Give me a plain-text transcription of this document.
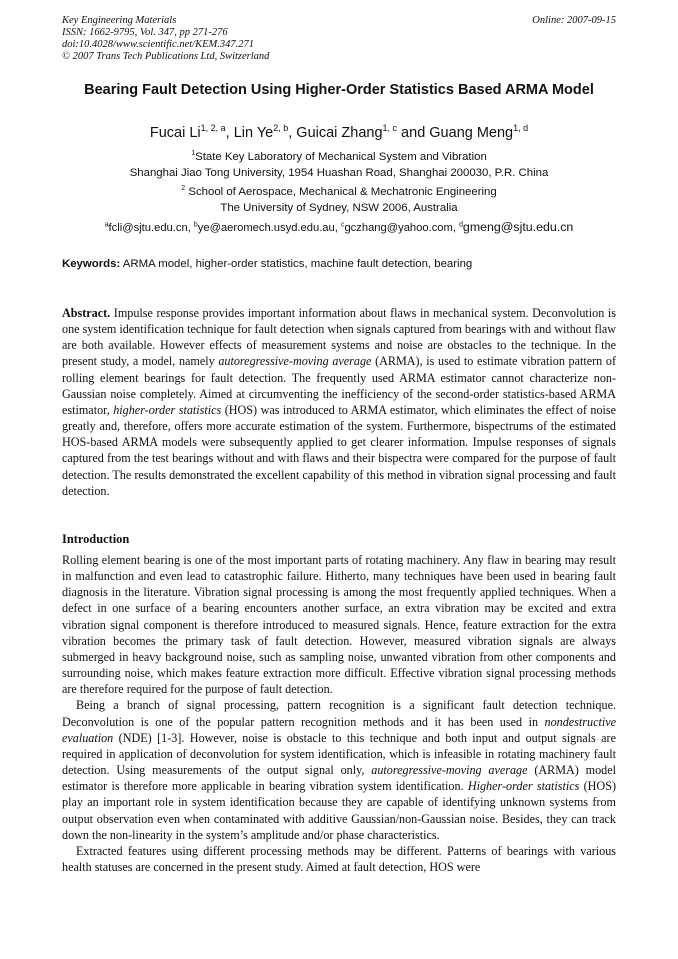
Key Engineering Materials
ISSN: 1662-9795, Vol. 347, pp 271-276
doi:10.4028/www.scientific.net/KEM.347.271
© 2007 Trans Tech Publications Ltd, Switzerland
Online: 2007-09-15
Bearing Fault Detection Using Higher-Order Statistics Based ARMA Model
Fucai Li$^{1, 2, a}$, Lin Ye$^{2, b}$, Guicai Zhang$^{1, c}$ and Guang Meng$^{1, d}$
$^1$State Key Laboratory of Mechanical System and Vibration
Shanghai Jiao Tong University, 1954 Huashan Road, Shanghai 200030, P.R. China
$^2$ School of Aerospace, Mechanical & Mechatronic Engineering
The University of Sydney, NSW 2006, Australia
$^a$fcli@sjtu.edu.cn, $^b$ye@aeromech.usyd.edu.au, $^c$gczhang@yahoo.com, $^d$gmeng@sjtu.edu.cn
Keywords: ARMA model, higher-order statistics, machine fault detection, bearing
Abstract. Impulse response provides important information about flaws in mechanical system. Deconvolution is one system identification technique for fault detection when signals captured from bearings with and without flaw are both available. However effects of measurement systems and noise are obstacles to the technique. In the present study, a model, namely autoregressive-moving average (ARMA), is used to estimate vibration pattern of rolling element bearings for fault detection. The frequently used ARMA estimator cannot characterize non-Gaussian noise completely. Aimed at circumventing the inefficiency of the second-order statistics-based ARMA estimator, higher-order statistics (HOS) was introduced to ARMA estimator, which eliminates the effect of noise greatly and, therefore, offers more accurate estimation of the system. Furthermore, bispectrums of the estimated HOS-based ARMA models were subsequently applied to get clearer information. Impulse responses of signals captured from the test bearings without and with flaws and their bispectra were compared for the purpose of fault detection. The results demonstrated the excellent capability of this method in vibration signal processing and fault detection.
Introduction

Rolling element bearing is one of the most important parts of rotating machinery. Any flaw in bearing may result in malfunction and even lead to catastrophic failure. Hitherto, many techniques have been used in bearing fault diagnosis in the literature. Vibration signal processing is among the most frequently applied techniques. When a defect in one surface of a bearing encounters another surface, an extra vibration may be excited and extra vibration signal component is therefore introduced to measured signals. Hence, feature extraction for the extra vibration becomes the primary task of fault detection. However, measured vibration signals are always submerged in heavy background noise, such as sampling noise, unwanted vibration from other components and surrounding noise, which makes feature extraction more difficult. Effective vibration signal processing methods are therefore required for the purpose of fault detection.

Being a branch of signal processing, pattern recognition is a significant fault detection technique. Deconvolution is one of the popular pattern recognition methods and it has been used in nondestructive evaluation (NDE) [1-3]. However, noise is obstacle to this technique and both input and output signals are required in application of deconvolution for system identification, which is infeasible in rotating machinery fault detection. Using measurements of the output signal only, autoregressive-moving average (ARMA) model estimator is therefore more applicable in bearing vibration system identification. Higher-order statistics (HOS) play an important role in system identification because they are capable of identifying unknown systems from output observation even when contaminated with additive Gaussian/non-Gaussian noise. Besides, they can track down the non-linearity in the system’s amplitude and/or phase characteristics.

Extracted features using different processing methods may be different. Patterns of bearings with various health statuses are concerned in the present study. Aimed at fault detection, HOS were
